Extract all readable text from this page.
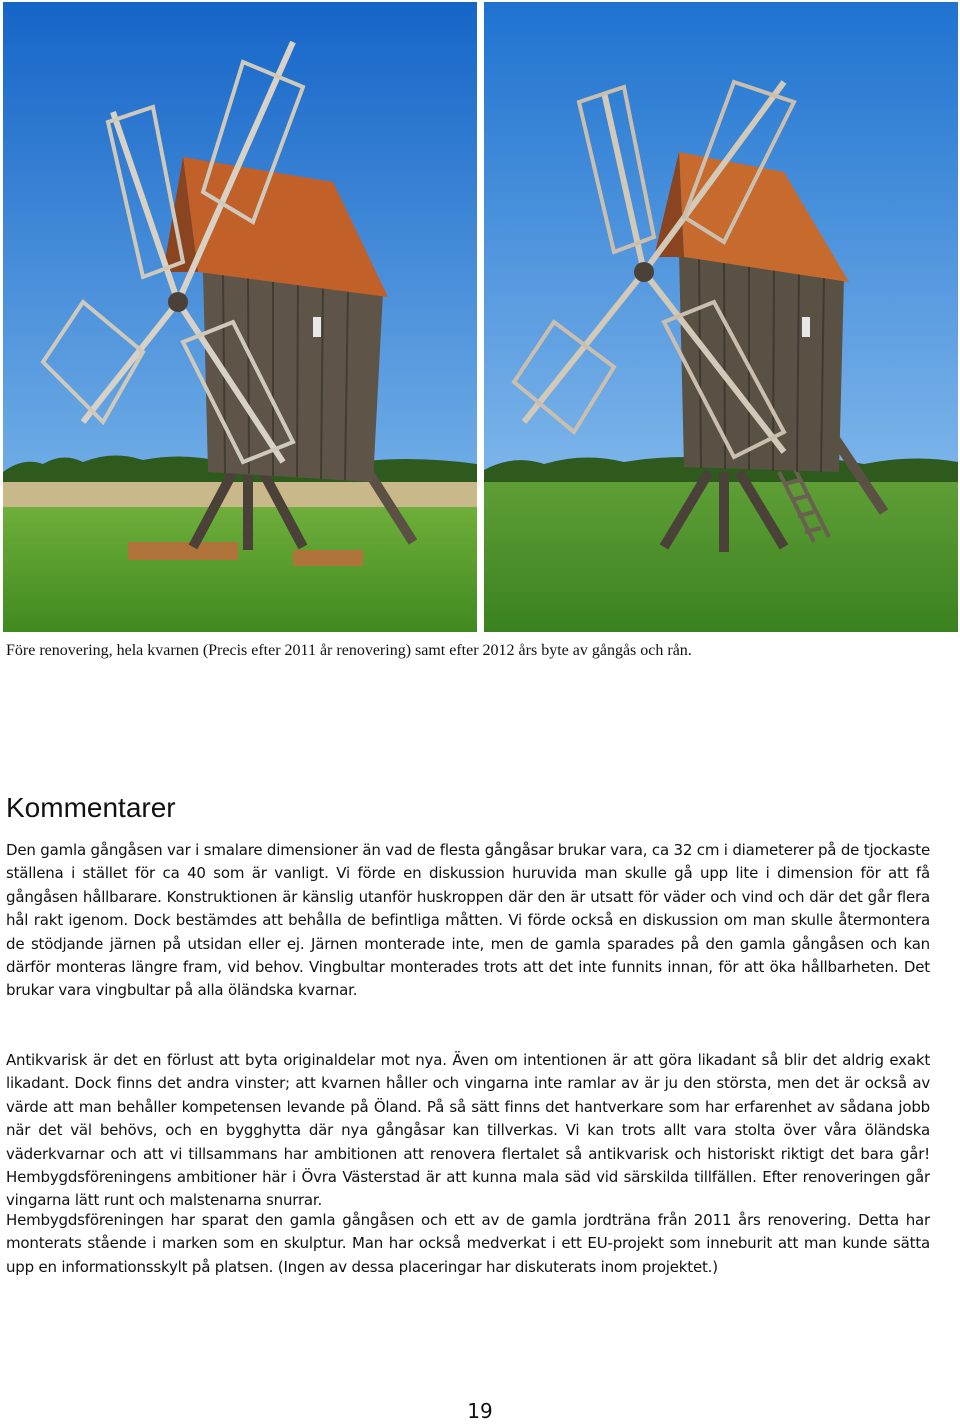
Före renovering, hela kvarnen (Precis efter 2011 år renovering) samt efter 2012 års byte av gångås och rån.
Kommentarer

Den gamla gångåsen var i smalare dimensioner än vad de flesta gångåsar brukar vara, ca 32 cm i diameterer på de tjockaste ställena i stället för ca 40 som är vanligt. Vi förde en diskussion huruvida man skulle gå upp lite i dimension för att få gångåsen hållbarare. Konstruktionen är känslig utanför huskroppen där den är utsatt för väder och vind och där det går flera hål rakt igenom. Dock bestämdes att behålla de befintliga måtten. Vi förde också en diskussion om man skulle återmontera de stödjande järnen på utsidan eller ej. Järnen monterade inte, men de gamla sparades på den gamla gångåsen och kan därför monteras längre fram, vid behov. Vingbultar monterades trots att det inte funnits innan, för att öka hållbarheten. Det brukar vara vingbultar på alla öländska kvarnar.

Antikvarisk är det en förlust att byta originaldelar mot nya. Även om intentionen är att göra likadant så blir det aldrig exakt likadant. Dock finns det andra vinster; att kvarnen håller och vingarna inte ramlar av är ju den största, men det är också av värde att man behåller kompetensen levande på Öland. På så sätt finns det hantverkare som har erfarenhet av sådana jobb när det väl behövs, och en bygghytta där nya gångåsar kan tillverkas. Vi kan trots allt vara stolta över våra öländska väderkvarnar och att vi tillsammans har ambitionen att renovera flertalet så antikvarisk och historiskt riktigt det bara går! Hembygdsföreningens ambitioner här i Övra Västerstad är att kunna mala säd vid särskilda tillfällen. Efter renoveringen går vingarna lätt runt och malstenarna snurrar.

Hembygdsföreningen har sparat den gamla gångåsen och ett av de gamla jordträna från 2011 års renovering. Detta har monterats stående i marken som en skulptur. Man har också medverkat i ett EU-projekt som inneburit att man kunde sätta upp en informationsskylt på platsen. (Ingen av dessa placeringar har diskuterats inom projektet.)

19
